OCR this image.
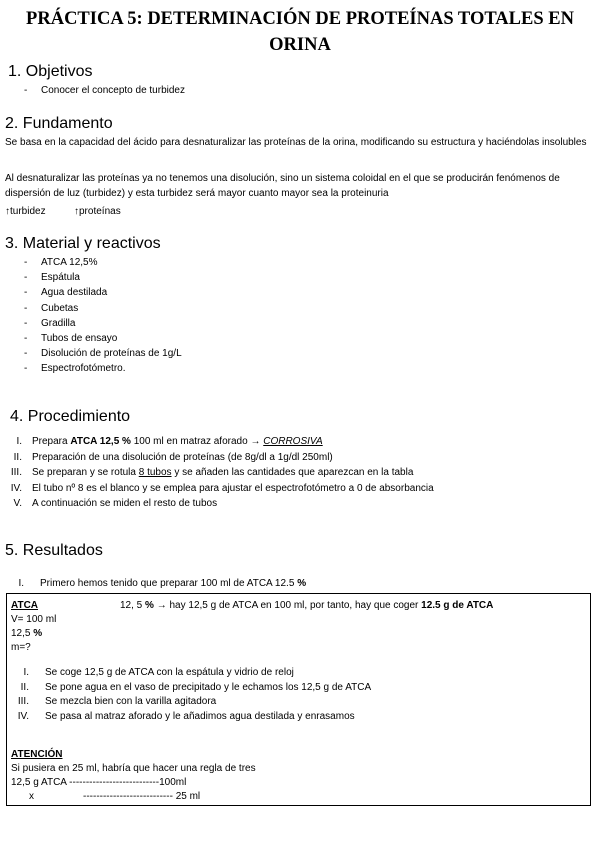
PRÁCTICA 5: DETERMINACIÓN DE PROTEÍNAS TOTALES EN
ORINA
1. Objetivos
- Conocer el concepto de turbidez
2. Fundamento
Se basa en la capacidad del ácido para desnaturalizar las proteínas de la orina, modificando su estructura y haciéndolas insolubles
Al desnaturalizar las proteínas ya no tenemos una disolución, sino un sistema coloidal en el que se producirán fenómenos de dispersión de luz (turbidez) y esta turbidez será mayor cuanto mayor sea la proteinuria
↑turbidez	↑proteínas
3. Material y reactivos
- ATCA 12,5%
- Espátula
- Agua destilada
- Cubetas
- Gradilla
- Tubos de ensayo
- Disolución de proteínas de 1g/L
- Espectrofotómetro.
4. Procedimiento
I. Prepara ATCA 12,5 % 100 ml en matraz aforado → CORROSIVA
II. Preparación de una disolución de proteínas (de 8g/dl a 1g/dl 250ml)
III. Se preparan y se rotula 8 tubos y se añaden las cantidades que aparezcan en la tabla
IV. El tubo nº 8 es el blanco y se emplea para ajustar el espectrofotómetro a 0 de absorbancia
V. A continuación se miden el resto de tubos
5. Resultados
I. Primero hemos tenido que preparar 100 ml de ATCA 12.5 %
ATCA	12, 5 % → hay 12,5 g de ATCA en 100 ml, por tanto, hay que coger 12.5 g de ATCA
V= 100 ml
12,5 %
m=?
I. Se coge 12,5 g de ATCA con la espátula y vidrio de reloj
II. Se pone agua en el vaso de precipitado y le echamos los 12,5 g de ATCA
III. Se mezcla bien con la varilla agitadora
IV. Se pasa al matraz aforado y le añadimos agua destilada y enrasamos
ATENCIÓN
Si pusiera en 25 ml, habría que hacer una regla de tres
12,5 g ATCA ---------------------------100ml
x	--------------------------- 25 ml
